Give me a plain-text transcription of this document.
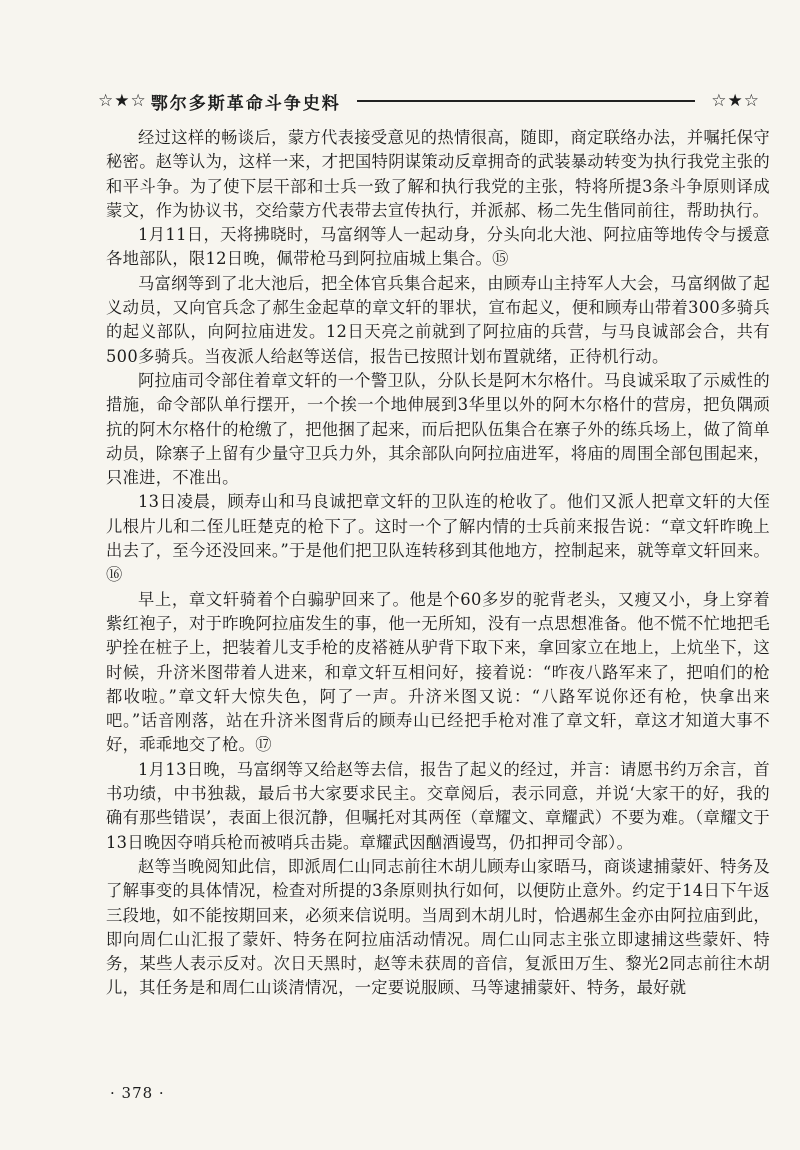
☆★☆ 鄂尔多斯革命斗争史料	☆★☆

经过这样的畅谈后，蒙方代表接受意见的热情很高，随即，商定联络办法，并嘱托保守秘密。赵等认为，这样一来，才把国特阴谋策动反章拥奇的武装暴动转变为执行我党主张的和平斗争。为了使下层干部和士兵一致了解和执行我党的主张，特将所提3条斗争原则译成蒙文，作为协议书，交给蒙方代表带去宣传执行，并派郝、杨二先生偕同前往，帮助执行。

1月11日，天将拂晓时，马富纲等人一起动身，分头向北大池、阿拉庙等地传令与援意各地部队，限12日晚，佩带枪马到阿拉庙城上集合。⑮

马富纲等到了北大池后，把全体官兵集合起来，由顾寿山主持军人大会，马富纲做了起义动员，又向官兵念了郝生金起草的章文轩的罪状，宣布起义，便和顾寿山带着300多骑兵的起义部队，向阿拉庙进发。12日天亮之前就到了阿拉庙的兵营，与马良诚部会合，共有500多骑兵。当夜派人给赵等送信，报告已按照计划布置就绪，正待机行动。

阿拉庙司令部住着章文轩的一个警卫队，分队长是阿木尔格什。马良诚采取了示威性的措施，命令部队单行摆开，一个挨一个地伸展到3华里以外的阿木尔格什的营房，把负隅顽抗的阿木尔格什的枪缴了，把他捆了起来，而后把队伍集合在寨子外的练兵场上，做了简单动员，除寨子上留有少量守卫兵力外，其余部队向阿拉庙进军，将庙的周围全部包围起来，只准进，不准出。

13日凌晨，顾寿山和马良诚把章文轩的卫队连的枪收了。他们又派人把章文轩的大侄儿根片儿和二侄儿旺楚克的枪下了。这时一个了解内情的士兵前来报告说：“章文轩昨晚上出去了，至今还没回来。”于是他们把卫队连转移到其他地方，控制起来，就等章文轩回来。⑯

早上，章文轩骑着个白骟驴回来了。他是个60多岁的驼背老头，又瘦又小，身上穿着紫红袍子，对于昨晚阿拉庙发生的事，他一无所知，没有一点思想准备。他不慌不忙地把毛驴拴在桩子上，把装着儿支手枪的皮褡裢从驴背下取下来，拿回家立在地上，上炕坐下，这时候，升济米图带着人进来，和章文轩互相问好，接着说：“昨夜八路军来了，把咱们的枪都收啦。”章文轩大惊失色，阿了一声。升济米图又说：“八路军说你还有枪，快拿出来吧。”话音刚落，站在升济米图背后的顾寿山已经把手枪对准了章文轩，章这才知道大事不好，乖乖地交了枪。⑰

1月13日晚，马富纲等又给赵等去信，报告了起义的经过，并言：请愿书约万余言，首书功绩，中书独裁，最后书大家要求民主。交章阅后，表示同意，并说‘大家干的好，我的确有那些错误’，表面上很沉静，但嘱托对其两侄（章耀文、章耀武）不要为难。（章耀文于13日晚因夺哨兵枪而被哨兵击毙。章耀武因酗酒谩骂，仍扣押司令部）。

赵等当晚阅知此信，即派周仁山同志前往木胡儿顾寿山家晤马，商谈逮捕蒙奸、特务及了解事变的具体情况，检查对所提的3条原则执行如何，以便防止意外。约定于14日下午返三段地，如不能按期回来，必须来信说明。当周到木胡儿时，恰遇郝生金亦由阿拉庙到此，即向周仁山汇报了蒙奸、特务在阿拉庙活动情况。周仁山同志主张立即逮捕这些蒙奸、特务，某些人表示反对。次日天黑时，赵等未获周的音信，复派田万生、黎光2同志前往木胡儿，其任务是和周仁山谈清情况，一定要说服顾、马等逮捕蒙奸、特务，最好就

· 378 ·
